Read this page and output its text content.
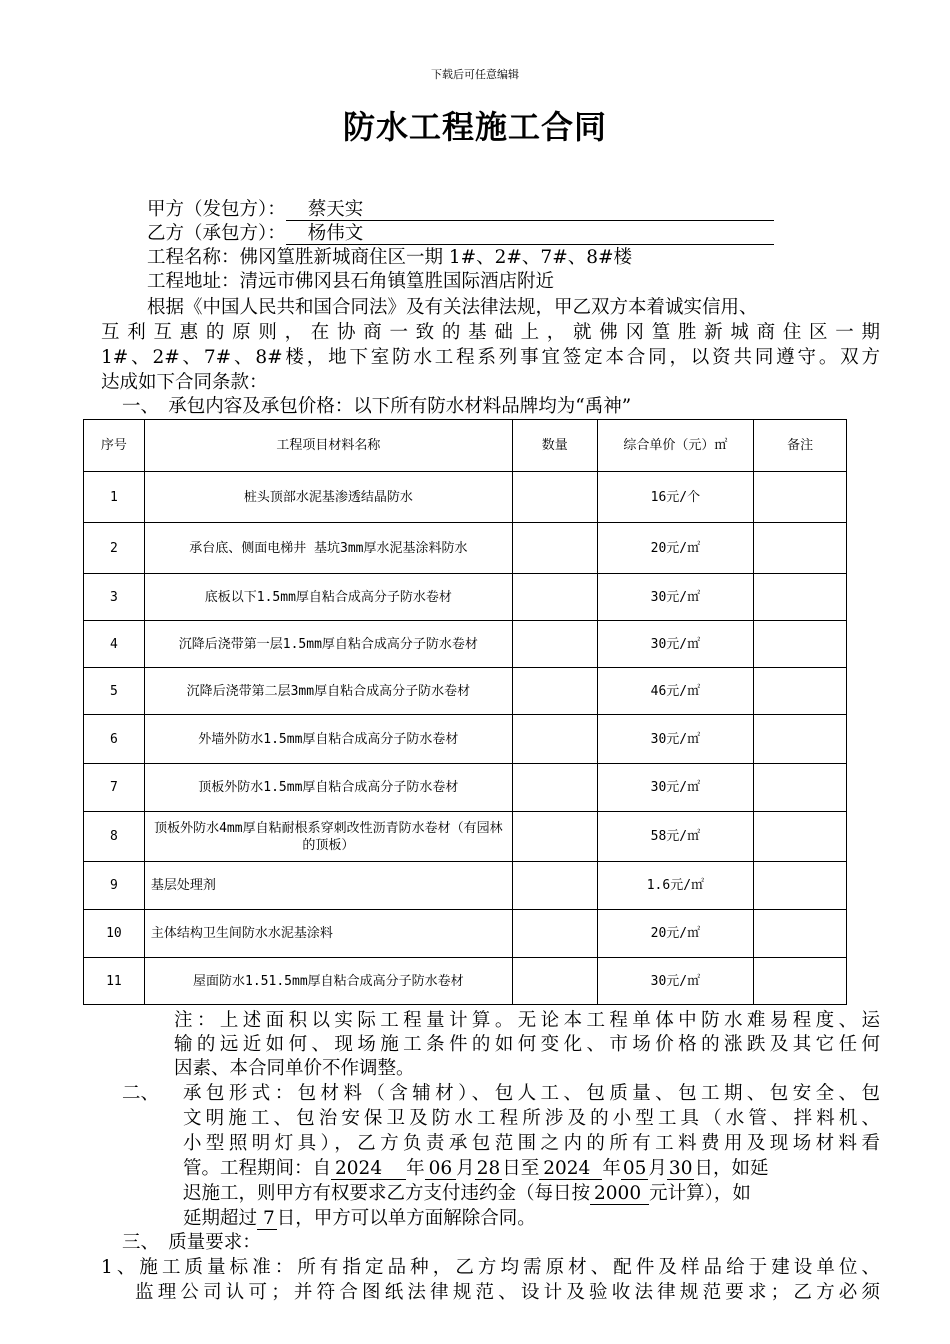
下载后可任意编辑
防水工程施工合同
甲方（发包方）： 蔡天实
乙方（承包方）： 杨伟文
工程名称：佛冈篁胜新城商住区一期 1#、2#、7#、8#楼
工程地址：清远市佛冈县石角镇篁胜国际酒店附近
根据《中国人民共和国合同法》及有关法律法规，甲乙双方本着诚实信用、
互利互惠的原则，在协商一致的基础上，就佛冈篁胜新城商住区一期
1#、2#、7#、8#楼，地下室防水工程系列事宜签定本合同，以资共同遵守。双方
达成如下合同条款：
一、　承包内容及承包价格：以下所有防水材料品牌均为“禹神”
序号	工程项目材料名称	数量	综合单价（元）㎡	备注
1	桩头顶部水泥基渗透结晶防水		16元/个	
2	承台底、侧面电梯井 基坑3mm厚水泥基涂料防水		20元/㎡	
3	底板以下1.5mm厚自粘合成高分子防水卷材		30元/㎡	
4	沉降后浇带第一层1.5mm厚自粘合成高分子防水卷材		30元/㎡	
5	沉降后浇带第二层3mm厚自粘合成高分子防水卷材		46元/㎡	
6	外墙外防水1.5mm厚自粘合成高分子防水卷材		30元/㎡	
7	顶板外防水1.5mm厚自粘合成高分子防水卷材		30元/㎡	
8	顶板外防水4mm厚自粘耐根系穿刺改性沥青防水卷材（有园林的顶板）		58元/㎡	
9	基层处理剂		1.6元/㎡	
10	主体结构卫生间防水水泥基涂料		20元/㎡	
11	屋面防水1.51.5mm厚自粘合成高分子防水卷材		30元/㎡	
注：上述面积以实际工程量计算。无论本工程单体中防水难易程度、运
输的远近如何、现场施工条件的如何变化、市场价格的涨跌及其它任何
因素、本合同单价不作调整。
二、 承包形式：包材料（含辅材）、包人工、包质量、包工期、包安全、包
文明施工、包治安保卫及防水工程所涉及的小型工具（水管、拌料机、
小型照明灯具），乙方负责承包范围之内的所有工料费用及现场材料看
管。工程期间：自 2024 年 06 月 28 日至 2024 年 05 月 30 日，如延
迟施工，则甲方有权要求乙方支付违约金（每日按 2000 元计算），如
延期超过 7 日，甲方可以单方面解除合同。
三、　质量要求：
1、施工质量标准：所有指定品种，乙方均需原材、配件及样品给于建设单位、
监理公司认可；并符合图纸法律规范、设计及验收法律规范要求；乙方必须
